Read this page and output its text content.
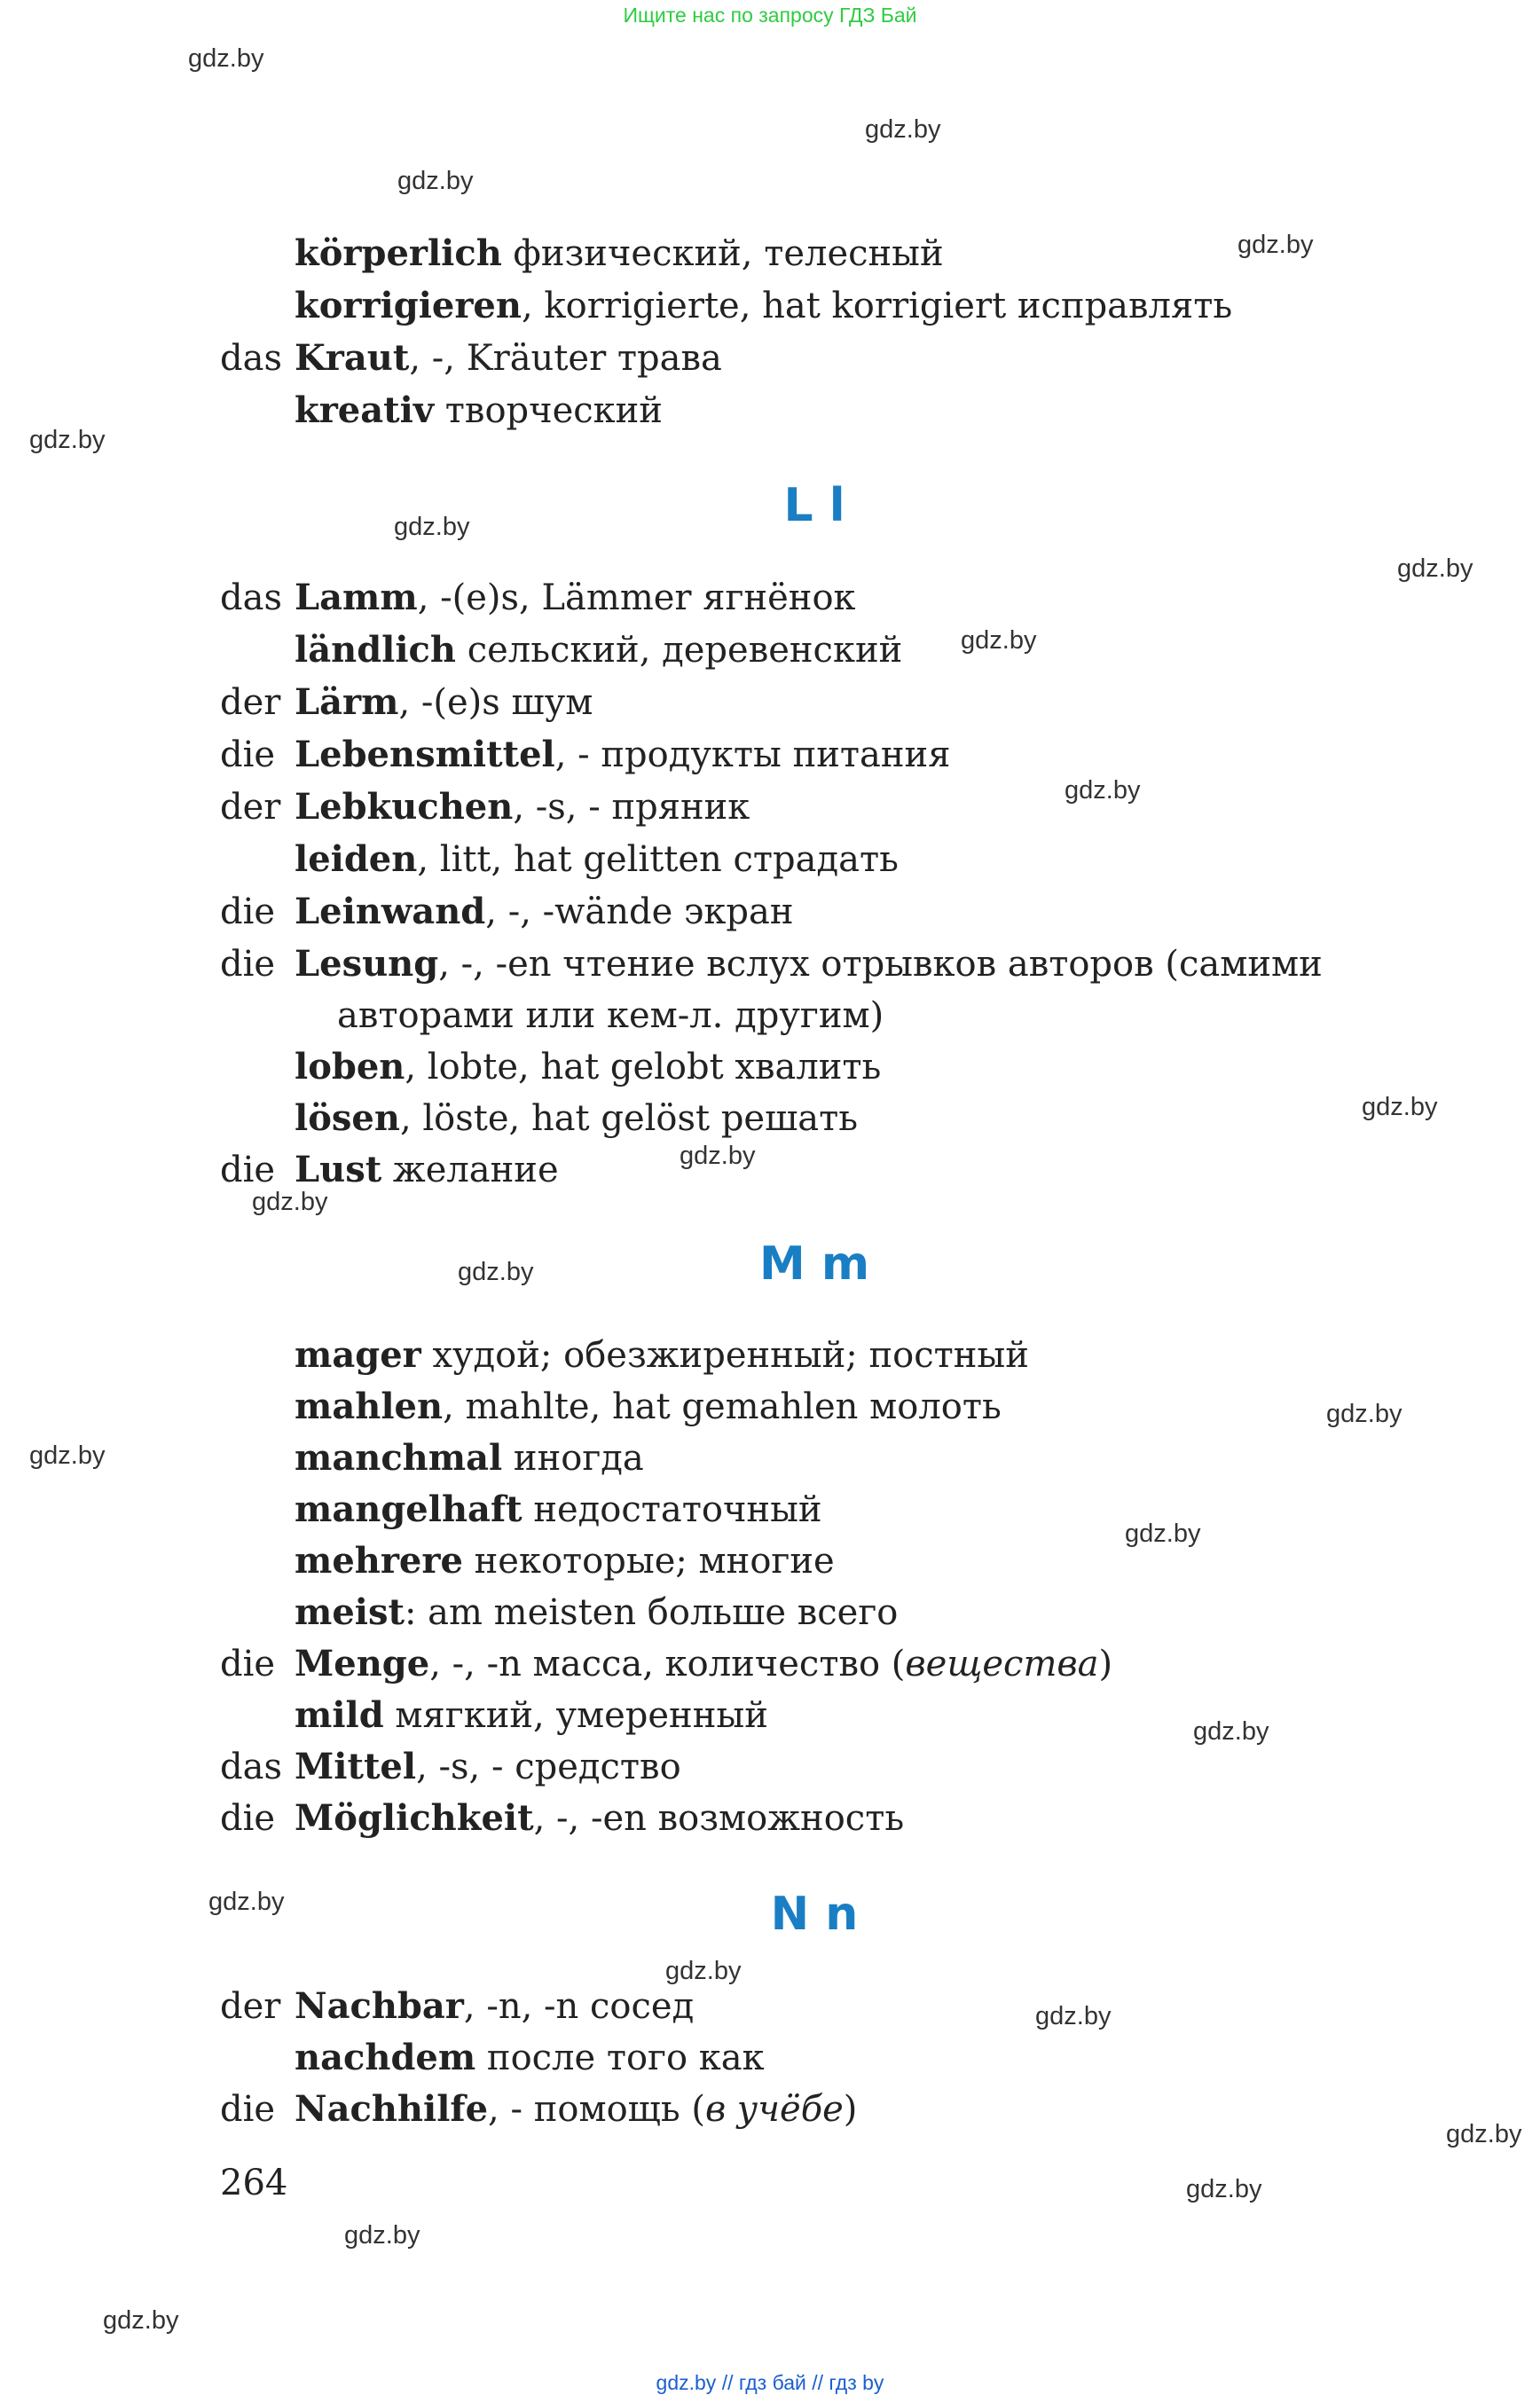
Ищите нас по запросу ГДЗ Бай
gdz.by
gdz.by
gdz.by
gdz.by
gdz.by
gdz.by
gdz.by
gdz.by
gdz.by
gdz.by
gdz.by
gdz.by
gdz.by
gdz.by
gdz.by
gdz.by
gdz.by
gdz.by
gdz.by
gdz.by
gdz.by
gdz.by
gdz.by
gdz.by
körperlich физический, телесный
korrigieren, korrigierte, hat korrigiert исправлять
das Kraut, -, Kräuter трава
kreativ творческий
L l
das Lamm, -(e)s, Lämmer ягнёнок
ländlich сельский, деревенский
der Lärm, -(e)s шум
die Lebensmittel, - продукты питания
der Lebkuchen, -s, - пряник
leiden, litt, hat gelitten страдать
die Leinwand, -, -wände экран
die Lesung, -, -en чтение вслух отрывков авторов (самими
авторами или кем-л. другим)
loben, lobte, hat gelobt хвалить
lösen, löste, hat gelöst решать
die Lust желание
M m
mager худой; обезжиренный; постный
mahlen, mahlte, hat gemahlen молоть
manchmal иногда
mangelhaft недостаточный
mehrere некоторые; многие
meist: am meisten больше всего
die Menge, -, -n масса, количество (вещества)
mild мягкий, умеренный
das Mittel, -s, - средство
die Möglichkeit, -, -en возможность
N n
der Nachbar, -n, -n сосед
nachdem после того как
die Nachhilfe, - помощь (в учёбе)
264
gdz.by // гдз бай // гдз by
